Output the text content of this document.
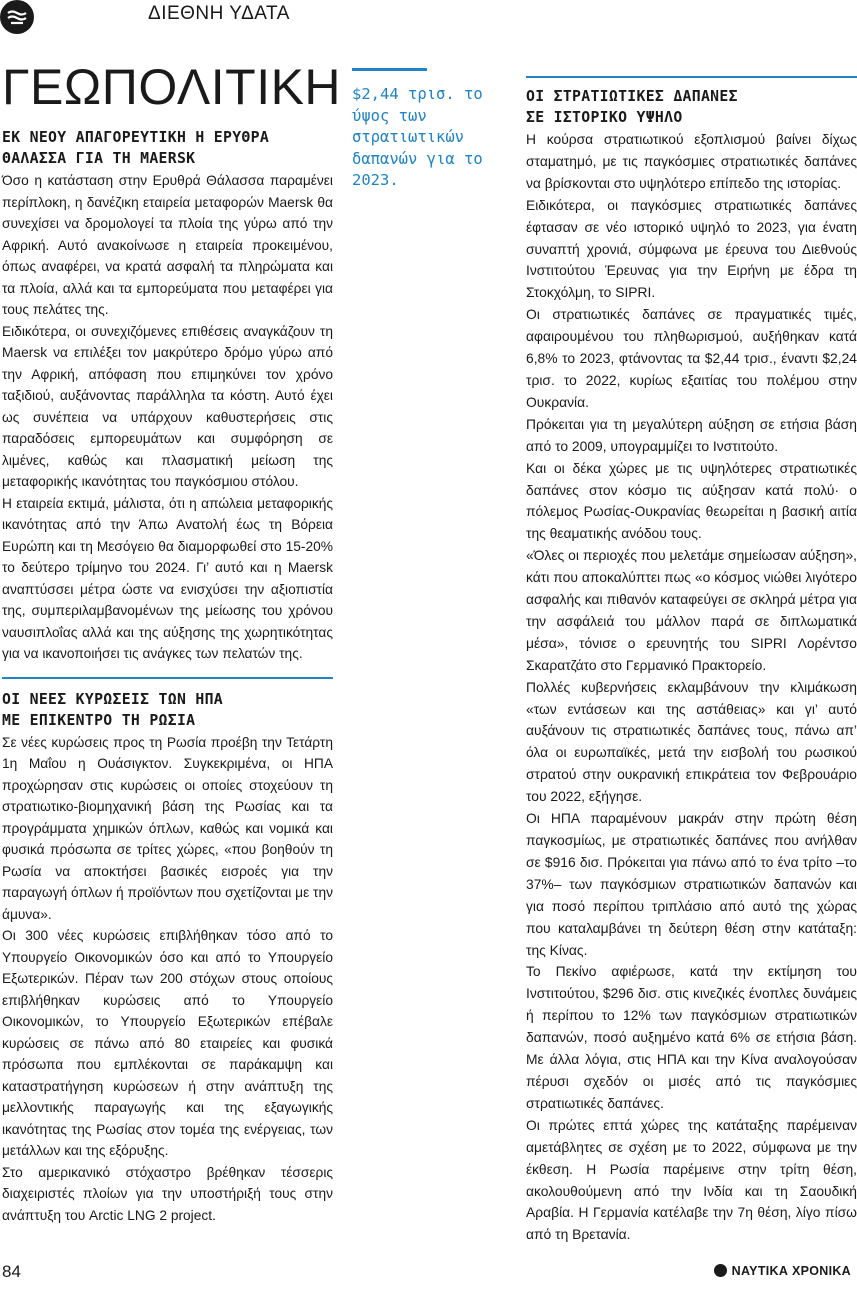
ΔΙΕΘΝΗ ΥΔΑΤΑ
ΓΕΩΠΟΛΙΤΙΚΗ
ΕΚ ΝΕΟΥ ΑΠΑΓΟΡΕΥΤΙΚΗ Η ΕΡΥΘΡΑ
ΘΑΛΑΣΣΑ ΓΙΑ ΤΗ MAERSK

Όσο η κατάσταση στην Ερυθρά Θάλασσα παραμένει περίπλοκη, η δανέζικη εταιρεία μεταφορών Maersk θα συνεχίσει να δρομολογεί τα πλοία της γύρω από την Αφρική. Αυτό ανακοίνωσε η εταιρεία προκειμένου, όπως αναφέρει, να κρατά ασφαλή τα πληρώματα και τα πλοία, αλλά και τα εμπορεύματα που μεταφέρει για τους πελάτες της.

Ειδικότερα, οι συνεχιζόμενες επιθέσεις αναγκάζουν τη Maersk να επιλέξει τον μακρύτερο δρόμο γύρω από την Αφρική, απόφαση που επιμηκύνει τον χρόνο ταξιδιού, αυξάνοντας παράλληλα τα κόστη. Αυτό έχει ως συνέπεια να υπάρχουν καθυστερήσεις στις παραδόσεις εμπορευμάτων και συμφόρηση σε λιμένες, καθώς και πλασματική μείωση της μεταφορικής ικανότητας του παγκόσμιου στόλου.

Η εταιρεία εκτιμά, μάλιστα, ότι η απώλεια μεταφορικής ικανότητας από την Άπω Ανατολή έως τη Βόρεια Ευρώπη και τη Μεσόγειο θα διαμορφωθεί στο 15-20% το δεύτερο τρίμηνο του 2024. Γι’ αυτό και η Maersk αναπτύσσει μέτρα ώστε να ενισχύσει την αξιοπιστία της, συμπεριλαμβανομένων της μείωσης του χρόνου ναυσιπλοΐας αλλά και της αύξησης της χωρητικότητας για να ικανοποιήσει τις ανάγκες των πελατών της.

ΟΙ ΝΕΕΣ ΚΥΡΩΣΕΙΣ ΤΩΝ ΗΠΑ
ΜΕ ΕΠΙΚΕΝΤΡΟ ΤΗ ΡΩΣΙΑ

Σε νέες κυρώσεις προς τη Ρωσία προέβη την Τετάρτη 1η Μαΐου η Ουάσιγκτον. Συγκεκριμένα, οι ΗΠΑ προχώρησαν στις κυρώσεις οι οποίες στοχεύουν τη στρατιωτικο-βιομηχανική βάση της Ρωσίας και τα προγράμματα χημικών όπλων, καθώς και νομικά και φυσικά πρόσωπα σε τρίτες χώρες, «που βοηθούν τη Ρωσία να αποκτήσει βασικές εισροές για την παραγωγή όπλων ή προϊόντων που σχετίζονται με την άμυνα».

Οι 300 νέες κυρώσεις επιβλήθηκαν τόσο από το Υπουργείο Οικονομικών όσο και από το Υπουργείο Εξωτερικών. Πέραν των 200 στόχων στους οποίους επιβλήθηκαν κυρώσεις από το Υπουργείο Οικονομικών, το Υπουργείο Εξωτερικών επέβαλε κυρώσεις σε πάνω από 80 εταιρείες και φυσικά πρόσωπα που εμπλέκονται σε παράκαμψη και καταστρατήγηση κυρώσεων ή στην ανάπτυξη της μελλοντικής παραγωγής και της εξαγωγικής ικανότητας της Ρωσίας στον τομέα της ενέργειας, των μετάλλων και της εξόρυξης.

Στο αμερικανικό στόχαστρο βρέθηκαν τέσσερις διαχειριστές πλοίων για την υποστήριξή τους στην ανάπτυξη του Arctic LNG 2 project.

$2,44 τρισ. το ύψος των στρατιωτικών δαπανών για το 2023.

ΟΙ ΣΤΡΑΤΙΩΤΙΚΕΣ ΔΑΠΑΝΕΣ
ΣΕ ΙΣΤΟΡΙΚΟ ΥΨΗΛΟ

Η κούρσα στρατιωτικού εξοπλισμού βαίνει δίχως σταματημό, με τις παγκόσμιες στρατιωτικές δαπάνες να βρίσκονται στο υψηλότερο επίπεδο της ιστορίας.

Ειδικότερα, οι παγκόσμιες στρατιωτικές δαπάνες έφτασαν σε νέο ιστορικό υψηλό το 2023, για ένατη συναπτή χρονιά, σύμφωνα με έρευνα του Διεθνούς Ινστιτούτου Έρευνας για την Ειρήνη με έδρα τη Στοκχόλμη, το SIPRI.

Οι στρατιωτικές δαπάνες σε πραγματικές τιμές, αφαιρουμένου του πληθωρισμού, αυξήθηκαν κατά 6,8% το 2023, φτάνοντας τα $2,44 τρισ., έναντι $2,24 τρισ. το 2022, κυρίως εξαιτίας του πολέμου στην Ουκρανία.

Πρόκειται για τη μεγαλύτερη αύξηση σε ετήσια βάση από το 2009, υπογραμμίζει το Ινστιτούτο.

Και οι δέκα χώρες με τις υψηλότερες στρατιωτικές δαπάνες στον κόσμο τις αύξησαν κατά πολύ· ο πόλεμος Ρωσίας-Ουκρανίας θεωρείται η βασική αιτία της θεαματικής ανόδου τους.

«Όλες οι περιοχές που μελετάμε σημείωσαν αύξηση», κάτι που αποκαλύπτει πως «ο κόσμος νιώθει λιγότερο ασφαλής και πιθανόν καταφεύγει σε σκληρά μέτρα για την ασφάλειά του μάλλον παρά σε διπλωματικά μέσα», τόνισε ο ερευνητής του SIPRI Λορέντσο Σκαρατζάτο στο Γερμανικό Πρακτορείο.

Πολλές κυβερνήσεις εκλαμβάνουν την κλιμάκωση «των εντάσεων και της αστάθειας» και γι’ αυτό αυξάνουν τις στρατιωτικές δαπάνες τους, πάνω απ’ όλα οι ευρωπαϊκές, μετά την εισβολή του ρωσικού στρατού στην ουκρανική επικράτεια τον Φεβρουάριο του 2022, εξήγησε.

Οι ΗΠΑ παραμένουν μακράν στην πρώτη θέση παγκοσμίως, με στρατιωτικές δαπάνες που ανήλθαν σε $916 δισ. Πρόκειται για πάνω από το ένα τρίτο –το 37%– των παγκόσμιων στρατιωτικών δαπανών και για ποσό περίπου τριπλάσιο από αυτό της χώρας που καταλαμβάνει τη δεύτερη θέση στην κατάταξη: της Κίνας.

Το Πεκίνο αφιέρωσε, κατά την εκτίμηση του Ινστιτούτου, $296 δισ. στις κινεζικές ένοπλες δυνάμεις ή περίπου το 12% των παγκόσμιων στρατιωτικών δαπανών, ποσό αυξημένο κατά 6% σε ετήσια βάση. Με άλλα λόγια, στις ΗΠΑ και την Κίνα αναλογούσαν πέρυσι σχεδόν οι μισές από τις παγκόσμιες στρατιωτικές δαπάνες.

Οι πρώτες επτά χώρες της κατάταξης παρέμειναν αμετάβλητες σε σχέση με το 2022, σύμφωνα με την έκθεση. Η Ρωσία παρέμεινε στην τρίτη θέση, ακολουθούμενη από την Ινδία και τη Σαουδική Αραβία. Η Γερμανία κατέλαβε την 7η θέση, λίγο πίσω από τη Βρετανία.

84	ΝΑΥΤΙΚΑ ΧΡΟΝΙΚΑ
